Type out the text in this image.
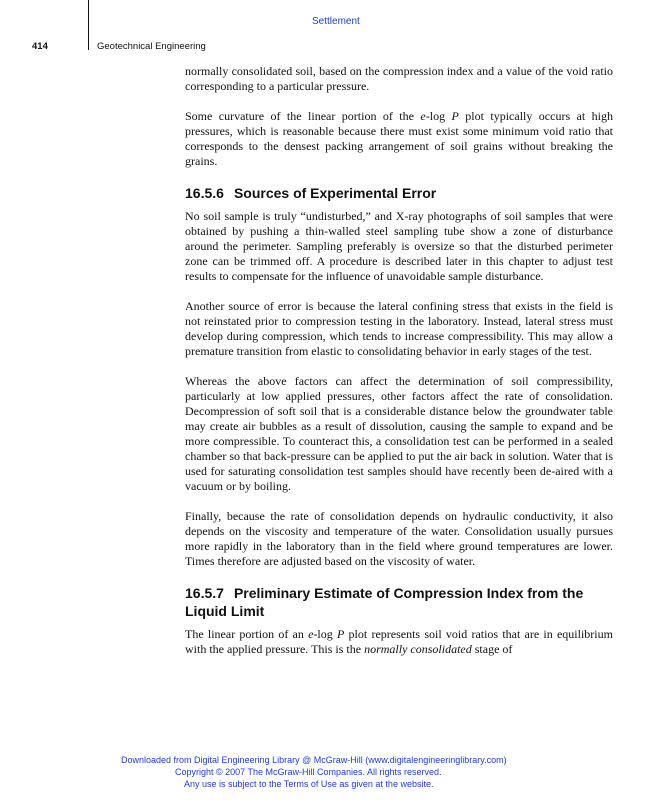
Settlement
414	Geotechnical Engineering

normally consolidated soil, based on the compression index and a value of the void ratio corresponding to a particular pressure.

Some curvature of the linear portion of the e-log P plot typically occurs at high pressures, which is reasonable because there must exist some minimum void ratio that corresponds to the densest packing arrangement of soil grains without breaking the grains.

16.5.6 Sources of Experimental Error

No soil sample is truly “undisturbed,” and X-ray photographs of soil samples that were obtained by pushing a thin-walled steel sampling tube show a zone of disturbance around the perimeter. Sampling preferably is oversize so that the disturbed perimeter zone can be trimmed off. A procedure is described later in this chapter to adjust test results to compensate for the influence of unavoidable sample disturbance.

Another source of error is because the lateral confining stress that exists in the field is not reinstated prior to compression testing in the laboratory. Instead, lateral stress must develop during compression, which tends to increase compressibility. This may allow a premature transition from elastic to consolidating behavior in early stages of the test.

Whereas the above factors can affect the determination of soil compressibility, particularly at low applied pressures, other factors affect the rate of consolidation. Decompression of soft soil that is a considerable distance below the groundwater table may create air bubbles as a result of dissolution, causing the sample to expand and be more compressible. To counteract this, a consolidation test can be performed in a sealed chamber so that back-pressure can be applied to put the air back in solution. Water that is used for saturating consolidation test samples should have recently been de-aired with a vacuum or by boiling.

Finally, because the rate of consolidation depends on hydraulic conductivity, it also depends on the viscosity and temperature of the water. Consolidation usually pursues more rapidly in the laboratory than in the field where ground temperatures are lower. Times therefore are adjusted based on the viscosity of water.

16.5.7 Preliminary Estimate of Compression Index from the Liquid Limit

The linear portion of an e-log P plot represents soil void ratios that are in equilibrium with the applied pressure. This is the normally consolidated stage of

Downloaded from Digital Engineering Library @ McGraw-Hill (www.digitalengineeringlibrary.com)
Copyright © 2007 The McGraw-Hill Companies. All rights reserved.
Any use is subject to the Terms of Use as given at the website.
